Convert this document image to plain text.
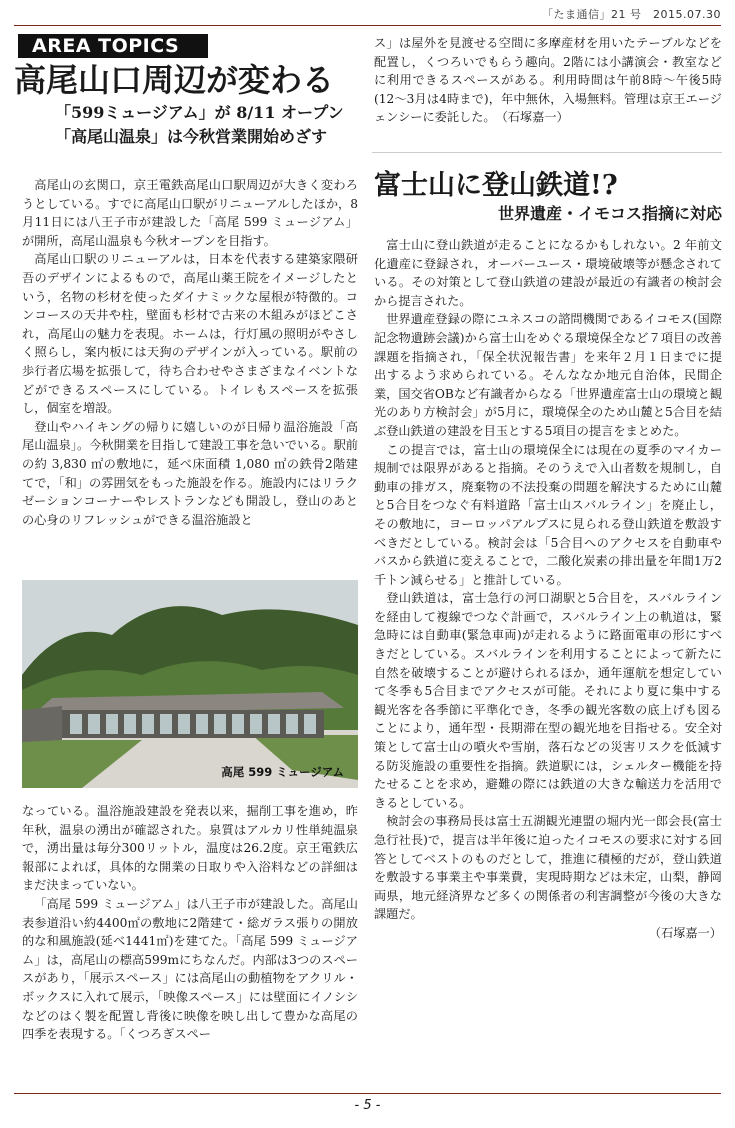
「たま通信」21 号　2015.07.30
AREA TOPICS
高尾山口周辺が変わる
「599ミュージアム」が 8/11 オープン
「高尾山温泉」は今秋営業開始めざす

高尾山の玄関口，京王電鉄高尾山口駅周辺が大きく変わろうとしている。すでに高尾山口駅がリニューアルしたほか，8月11日には八王子市が建設した「高尾 599 ミュージアム」が開所，高尾山温泉も今秋オープンを目指す。

高尾山口駅のリニューアルは，日本を代表する建築家隈研吾のデザインによるもので，高尾山薬王院をイメージしたという，名物の杉材を使ったダイナミックな屋根が特徴的。コンコースの天井や柱，壁面も杉材で古来の木組みがほどこされ，高尾山の魅力を表現。ホームは，行灯風の照明がやさしく照らし，案内板には天狗のデザインが入っている。駅前の歩行者広場を拡張して，待ち合わせやさまざまなイベントなどができるスペースにしている。トイレもスペースを拡張し，個室を増設。

登山やハイキングの帰りに嬉しいのが日帰り温浴施設「高尾山温泉」。今秋開業を目指して建設工事を急いでいる。駅前の約 3,830 ㎡の敷地に，延べ床面積 1,080 ㎡の鉄骨2階建てで，「和」の雰囲気をもった施設を作る。施設内にはリラクゼーションコーナーやレストランなども開設し，登山のあとの心身のリフレッシュができる温浴施設と

高尾 599 ミュージアム

なっている。温浴施設建設を発表以来，掘削工事を進め，昨年秋，温泉の湧出が確認された。泉質はアルカリ性単純温泉で，湧出量は毎分300リットル，温度は26.2度。京王電鉄広報部によれば，具体的な開業の日取りや入浴料などの詳細はまだ決まっていない。

「高尾 599 ミュージアム」は八王子市が建設した。高尾山表参道沿い約4400㎡の敷地に2階建て・総ガラス張りの開放的な和風施設(延べ1441㎡)を建てた。「高尾 599 ミュージアム」は，高尾山の標高599mにちなんだ。内部は3つのスペースがあり，「展示スペース」には高尾山の動植物をアクリル・ボックスに入れて展示，「映像スペース」には壁面にイノシシなどのはく製を配置し背後に映像を映し出して豊かな高尾の四季を表現する。「くつろぎスペー

ス」は屋外を見渡せる空間に多摩産材を用いたテーブルなどを配置し，くつろいでもらう趣向。2階には小講演会・教室などに利用できるスペースがある。利用時間は午前8時～午後5時(12～3月は4時まで)，年中無休，入場無料。管理は京王エージェンシーに委託した。　 （石塚嘉一）

富士山に登山鉄道!?
世界遺産・イモコス指摘に対応

富士山に登山鉄道が走ることになるかもしれない。2 年前文化遺産に登録され，オーバーユース・環境破壊等が懸念されている。その対策として登山鉄道の建設が最近の有識者の検討会から提言された。

世界遺産登録の際にユネスコの諮問機関であるイコモス(国際記念物遺跡会議)から富士山をめぐる環境保全など７項目の改善課題を指摘され，「保全状況報告書」を来年２月１日までに提出するよう求められている。そんななか地元自治体，民間企業，国交省OBなど有識者からなる「世界遺産富士山の環境と観光のあり方検討会」が5月に，環境保全のため山麓と5合目を結ぶ登山鉄道の建設を目玉とする5項目の提言をまとめた。

この提言では，富士山の環境保全には現在の夏季のマイカー規制では限界があると指摘。そのうえで入山者数を規制し，自動車の排ガス，廃棄物の不法投棄の問題を解決するために山麓と5合目をつなぐ有料道路「富士山スバルライン」を廃止し，その敷地に，ヨーロッパアルプスに見られる登山鉄道を敷設すべきだとしている。検討会は「5合目へのアクセスを自動車やバスから鉄道に変えることで，二酸化炭素の排出量を年間1万2千トン減らせる」と推計している。

登山鉄道は，富士急行の河口湖駅と5合目を，スバルラインを経由して複線でつなぐ計画で，スバルライン上の軌道は，緊急時には自動車(緊急車両)が走れるように路面電車の形にすべきだとしている。スバルラインを利用することによって新たに自然を破壊することが避けられるほか，通年運航を想定していて冬季も5合目までアクセスが可能。それにより夏に集中する観光客を各季節に平準化でき，冬季の観光客数の底上げも図ることにより，通年型・長期滞在型の観光地を目指せる。安全対策として富士山の噴火や雪崩，落石などの災害リスクを低減する防災施設の重要性を指摘。鉄道駅には，シェルター機能を持たせることを求め，避難の際には鉄道の大きな輸送力を活用できるとしている。

検討会の事務局長は富士五湖観光連盟の堀内光一郎会長(富士急行社長)で，提言は半年後に迫ったイコモスの要求に対する回答としてベストのものだとして，推進に積極的だが，登山鉄道を敷設する事業主や事業費，実現時期などは未定，山梨，静岡両県，地元経済界など多くの関係者の利害調整が今後の大きな課題だ。

（石塚嘉一）

- 5 -
